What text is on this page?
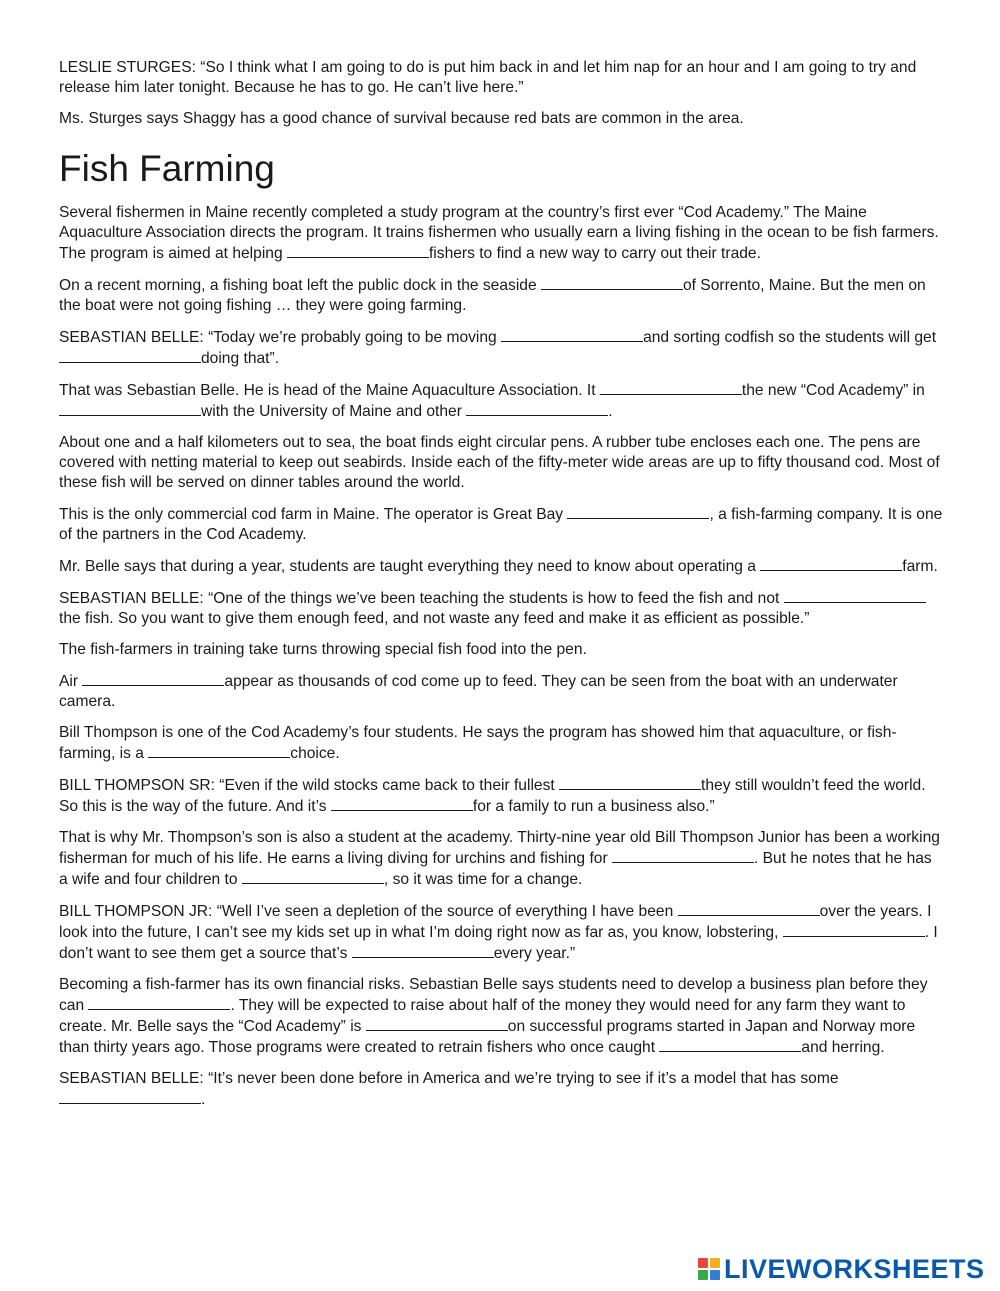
LESLIE STURGES: “So I think what I am going to do is put him back in and let him nap for an hour and I am going to try and release him later tonight. Because he has to go. He can’t live here.”

Ms. Sturges says Shaggy has a good chance of survival because red bats are common in the area.

Fish Farming

Several fishermen in Maine recently completed a study program at the country’s first ever “Cod Academy.” The Maine Aquaculture Association directs the program. It trains fishermen who usually earn a living fishing in the ocean to be fish farmers. The program is aimed at helping	fishers to find a new way to carry out their trade.

On a recent morning, a fishing boat left the public dock in the seaside	of Sorrento, Maine. But the men on the boat were not going fishing … they were going farming.

SEBASTIAN BELLE: “Today we’re probably going to be moving	and sorting codfish so the students will get doing that”.

That was Sebastian Belle. He is head of the Maine Aquaculture Association. It	the new “Cod Academy” in with the University of Maine and other	.

About one and a half kilometers out to sea, the boat finds eight circular pens. A rubber tube encloses each one. The pens are covered with netting material to keep out seabirds. Inside each of the fifty-meter wide areas are up to fifty thousand cod. Most of these fish will be served on dinner tables around the world.

This is the only commercial cod farm in Maine. The operator is Great Bay	, a fish-farming company. It is one of the partners in the Cod Academy.

Mr. Belle says that during a year, students are taught everything they need to know about operating a	farm.

SEBASTIAN BELLE: “One of the things we’ve been teaching the students is how to feed the fish and not the fish. So you want to give them enough feed, and not waste any feed and make it as efficient as possible.”

The fish-farmers in training take turns throwing special fish food into the pen.

Air	appear as thousands of cod come up to feed. They can be seen from the boat with an underwater camera.

Bill Thompson is one of the Cod Academy’s four students. He says the program has showed him that aquaculture, or fish-farming, is a	choice.

BILL THOMPSON SR: “Even if the wild stocks came back to their fullest	they still wouldn’t feed the world. So this is the way of the future. And it’s	for a family to run a business also.”

That is why Mr. Thompson’s son is also a student at the academy. Thirty-nine year old Bill Thompson Junior has been a working fisherman for much of his life. He earns a living diving for urchins and fishing for	. But he notes that he has a wife and four children to	, so it was time for a change.

BILL THOMPSON JR: “Well I’ve seen a depletion of the source of everything I have been	over the years. I look into the future, I can’t see my kids set up in what I’m doing right now as far as, you know, lobstering,	. I don’t want to see them get a source that’s	every year.”

Becoming a fish-farmer has its own financial risks. Sebastian Belle says students need to develop a business plan before they can	. They will be expected to raise about half of the money they would need for any farm they want to create. Mr. Belle says the “Cod Academy” is	on successful programs started in Japan and Norway more than thirty years ago. Those programs were created to retrain fishers who once caught	and herring.

SEBASTIAN BELLE: “It’s never been done before in America and we’re trying to see if it’s a model that has some .

LIVEWORKSHEETS
